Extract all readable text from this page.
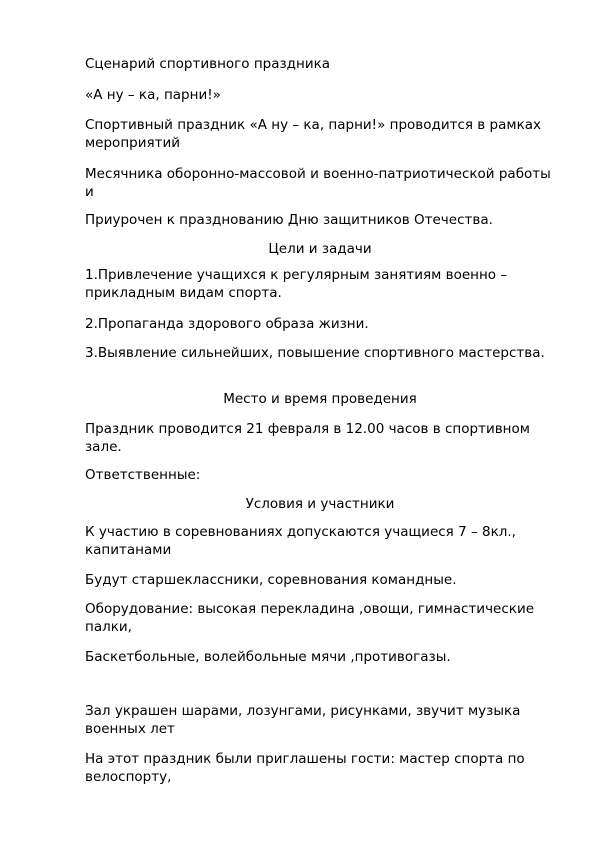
Сценарий спортивного праздника

«А ну – ка, парни!»

Спортивный праздник «А ну – ка, парни!» проводится в рамках мероприятий

Месячника оборонно-массовой и военно-патриотической работы и

Приурочен к празднованию Дню защитников Отечества.

Цели и задачи

1.Привлечение учащихся к регулярным занятиям военно – прикладным видам спорта.

2.Пропаганда здорового образа жизни.

3.Выявление сильнейших, повышение спортивного мастерства.

Место и время проведения

Праздник проводится 21 февраля в 12.00 часов в спортивном зале.

Ответственные:

Условия и участники

К участию в соревнованиях допускаются учащиеся 7 – 8кл., капитанами

Будут старшеклассники, соревнования командные.

Оборудование: высокая перекладина ,овощи, гимнастические палки,

Баскетбольные, волейбольные мячи ,противогазы.

Зал украшен шарами, лозунгами, рисунками, звучит музыка военных лет

На этот праздник были приглашены гости: мастер спорта по велоспорту,
